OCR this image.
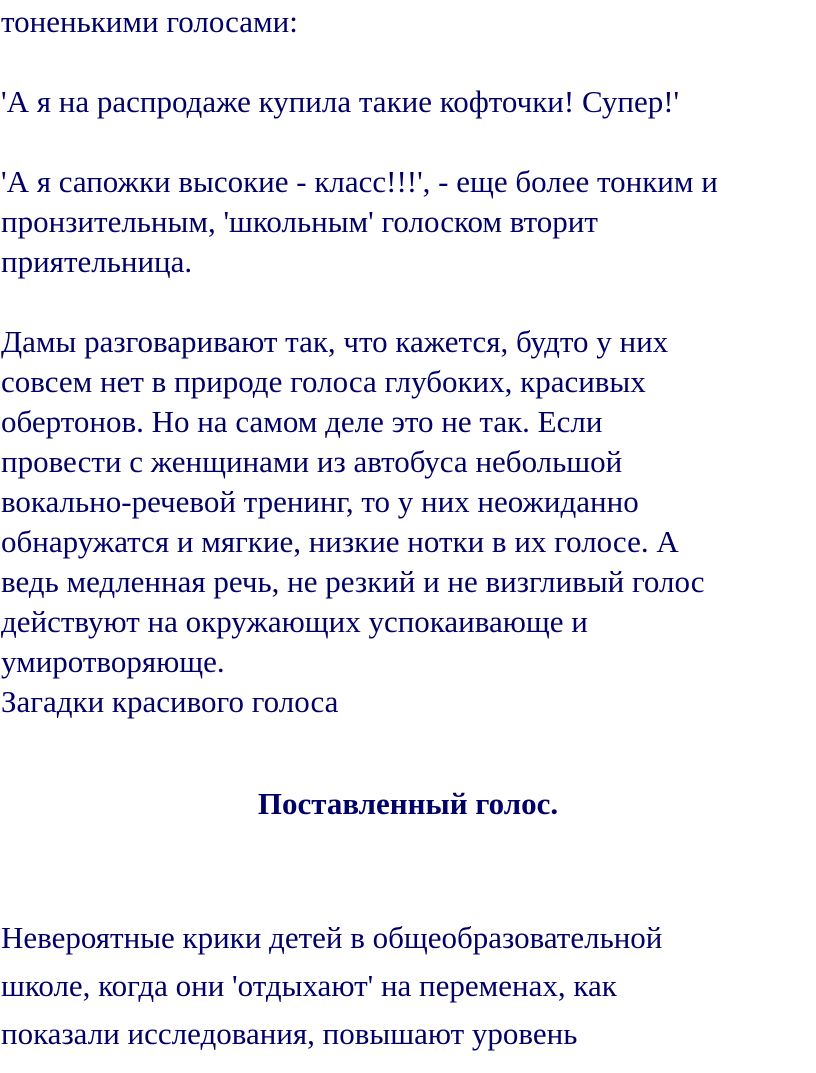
тоненькими голосами:

'А я на распродаже купила такие кофточки! Супер!'

'А я сапожки высокие - класс!!!', - еще более тонким и
пронзительным, 'школьным' голоском вторит
приятельница.
Дамы разговаривают так, что кажется, будто у них
совсем нет в природе голоса глубоких, красивых
обертонов. Но на самом деле это не так. Если
провести с женщинами из автобуса небольшой
вокально-речевой тренинг, то у них неожиданно
обнаружатся и мягкие, низкие нотки в их голосе. А
ведь медленная речь, не резкий и не визгливый голос
действуют на окружающих успокаивающе и
умиротворяюще.

Загадки красивого голоса

Поставленный голос.

Невероятные крики детей в общеобразовательной
школе, когда они 'отдыхают' на переменах, как
показали исследования, повышают уровень
